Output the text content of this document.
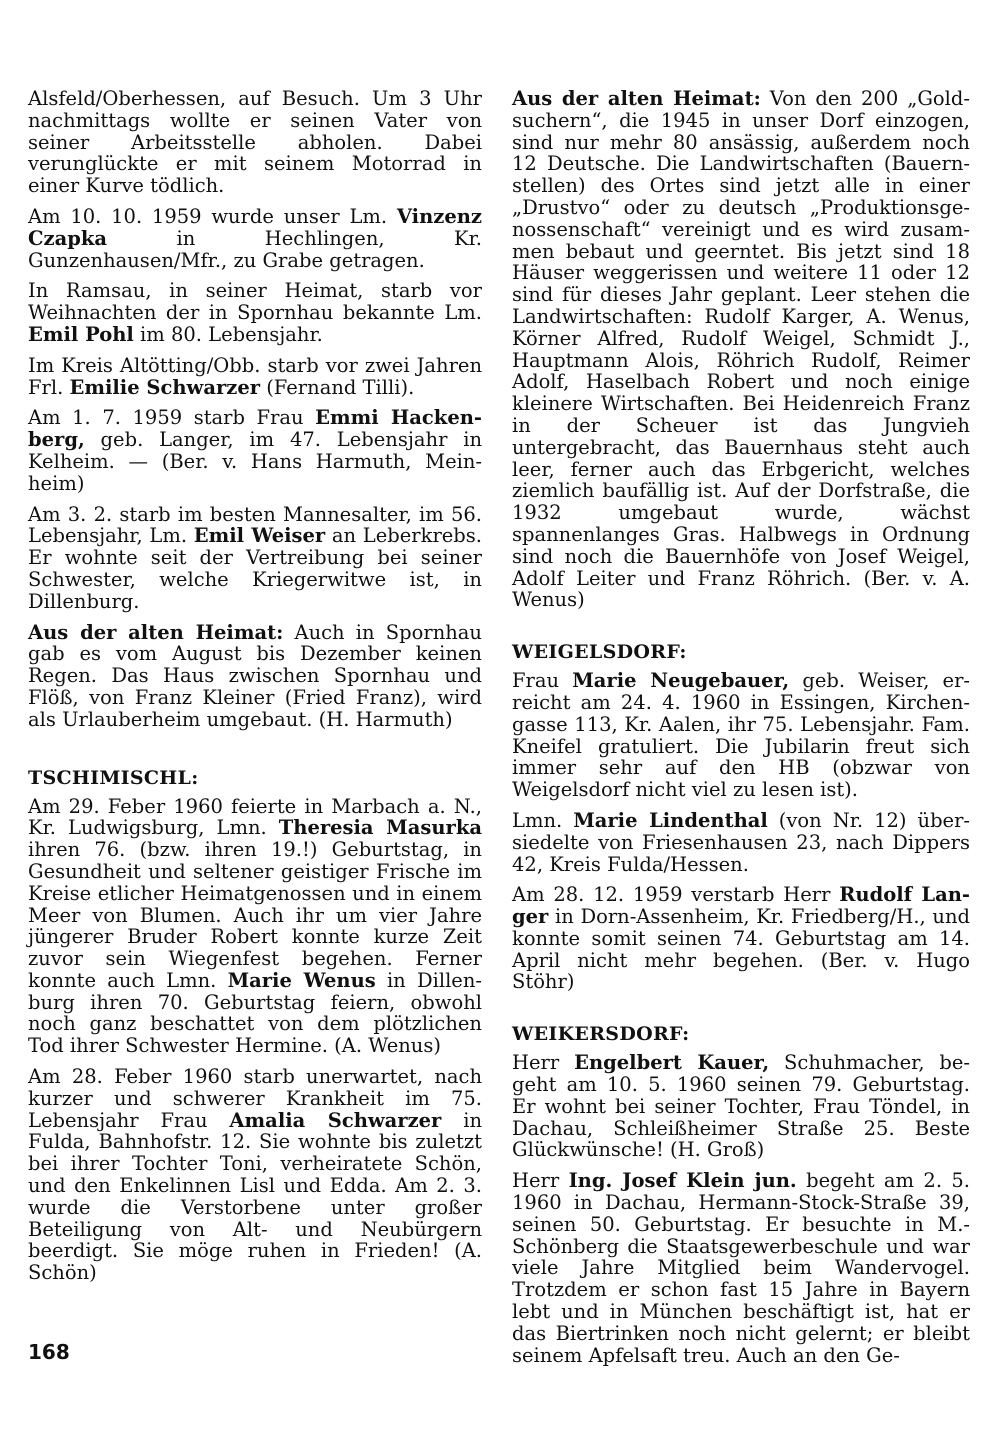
Alsfeld/Oberhessen, auf Besuch. Um 3 Uhr nachmittags wollte er seinen Vater von seiner Arbeitsstelle abholen. Dabei verunglückte er mit seinem Motorrad in einer Kurve tödlich.

Am 10. 10. 1959 wurde unser Lm. Vinzenz Czapka in Hechlingen, Kr. Gunzenhausen/Mfr., zu Grabe getragen.

In Ramsau, in seiner Heimat, starb vor Weihnachten der in Spornhau bekannte Lm. Emil Pohl im 80. Lebensjahr.

Im Kreis Altötting/Obb. starb vor zwei Jahren Frl. Emilie Schwarzer (Fernand Tilli).

Am 1. 7. 1959 starb Frau Emmi Hackenberg, geb. Langer, im 47. Lebensjahr in Kelheim. — (Ber. v. Hans Harmuth, Meinheim)

Am 3. 2. starb im besten Mannesalter, im 56. Lebensjahr, Lm. Emil Weiser an Leberkrebs. Er wohnte seit der Vertreibung bei seiner Schwester, welche Kriegerwitwe ist, in Dillenburg.

Aus der alten Heimat: Auch in Spornhau gab es vom August bis Dezember keinen Regen. Das Haus zwischen Spornhau und Flöß, von Franz Kleiner (Fried Franz), wird als Urlauberheim umgebaut. (H. Harmuth)

TSCHIMISCHL:

Am 29. Feber 1960 feierte in Marbach a. N., Kr. Ludwigsburg, Lmn. Theresia Masurka ihren 76. (bzw. ihren 19.!) Geburtstag, in Gesundheit und seltener geistiger Frische im Kreise etlicher Heimatgenossen und in einem Meer von Blumen. Auch ihr um vier Jahre jüngerer Bruder Robert konnte kurze Zeit zuvor sein Wiegenfest begehen. Ferner konnte auch Lmn. Marie Wenus in Dillenburg ihren 70. Geburtstag feiern, obwohl noch ganz beschattet von dem plötzlichen Tod ihrer Schwester Hermine. (A. Wenus)

Am 28. Feber 1960 starb unerwartet, nach kurzer und schwerer Krankheit im 75. Lebensjahr Frau Amalia Schwarzer in Fulda, Bahnhofstr. 12. Sie wohnte bis zuletzt bei ihrer Tochter Toni, verheiratete Schön, und den Enkelinnen Lisl und Edda. Am 2. 3. wurde die Verstorbene unter großer Beteiligung von Alt- und Neubürgern beerdigt. Sie möge ruhen in Frieden! (A. Schön)

Aus der alten Heimat: Von den 200 „Goldsuchern“, die 1945 in unser Dorf einzogen, sind nur mehr 80 ansässig, außerdem noch 12 Deutsche. Die Landwirtschaften (Bauernstellen) des Ortes sind jetzt alle in einer „Drustvo“ oder zu deutsch „Produktionsgenossenschaft“ vereinigt und es wird zusammen bebaut und geerntet. Bis jetzt sind 18 Häuser weggerissen und weitere 11 oder 12 sind für dieses Jahr geplant. Leer stehen die Landwirtschaften: Rudolf Karger, A. Wenus, Körner Alfred, Rudolf Weigel, Schmidt J., Hauptmann Alois, Röhrich Rudolf, Reimer Adolf, Haselbach Robert und noch einige kleinere Wirtschaften. Bei Heidenreich Franz in der Scheuer ist das Jungvieh untergebracht, das Bauernhaus steht auch leer, ferner auch das Erbgericht, welches ziemlich baufällig ist. Auf der Dorfstraße, die 1932 umgebaut wurde, wächst spannenlanges Gras. Halbwegs in Ordnung sind noch die Bauernhöfe von Josef Weigel, Adolf Leiter und Franz Röhrich. (Ber. v. A. Wenus)

WEIGELSDORF:

Frau Marie Neugebauer, geb. Weiser, erreicht am 24. 4. 1960 in Essingen, Kirchengasse 113, Kr. Aalen, ihr 75. Lebensjahr. Fam. Kneifel gratuliert. Die Jubilarin freut sich immer sehr auf den HB (obzwar von Weigelsdorf nicht viel zu lesen ist).

Lmn. Marie Lindenthal (von Nr. 12) übersiedelte von Friesenhausen 23, nach Dippers 42, Kreis Fulda/Hessen.

Am 28. 12. 1959 verstarb Herr Rudolf Langer in Dorn-Assenheim, Kr. Friedberg/H., und konnte somit seinen 74. Geburtstag am 14. April nicht mehr begehen. (Ber. v. Hugo Stöhr)

WEIKERSDORF:

Herr Engelbert Kauer, Schuhmacher, begeht am 10. 5. 1960 seinen 79. Geburtstag. Er wohnt bei seiner Tochter, Frau Töndel, in Dachau, Schleißheimer Straße 25. Beste Glückwünsche! (H. Groß)

Herr Ing. Josef Klein jun. begeht am 2. 5. 1960 in Dachau, Hermann-Stock-Straße 39, seinen 50. Geburtstag. Er besuchte in M.-Schönberg die Staatsgewerbeschule und war viele Jahre Mitglied beim Wandervogel. Trotzdem er schon fast 15 Jahre in Bayern lebt und in München beschäftigt ist, hat er das Biertrinken noch nicht gelernt; er bleibt seinem Apfelsaft treu. Auch an den Ge-

168
